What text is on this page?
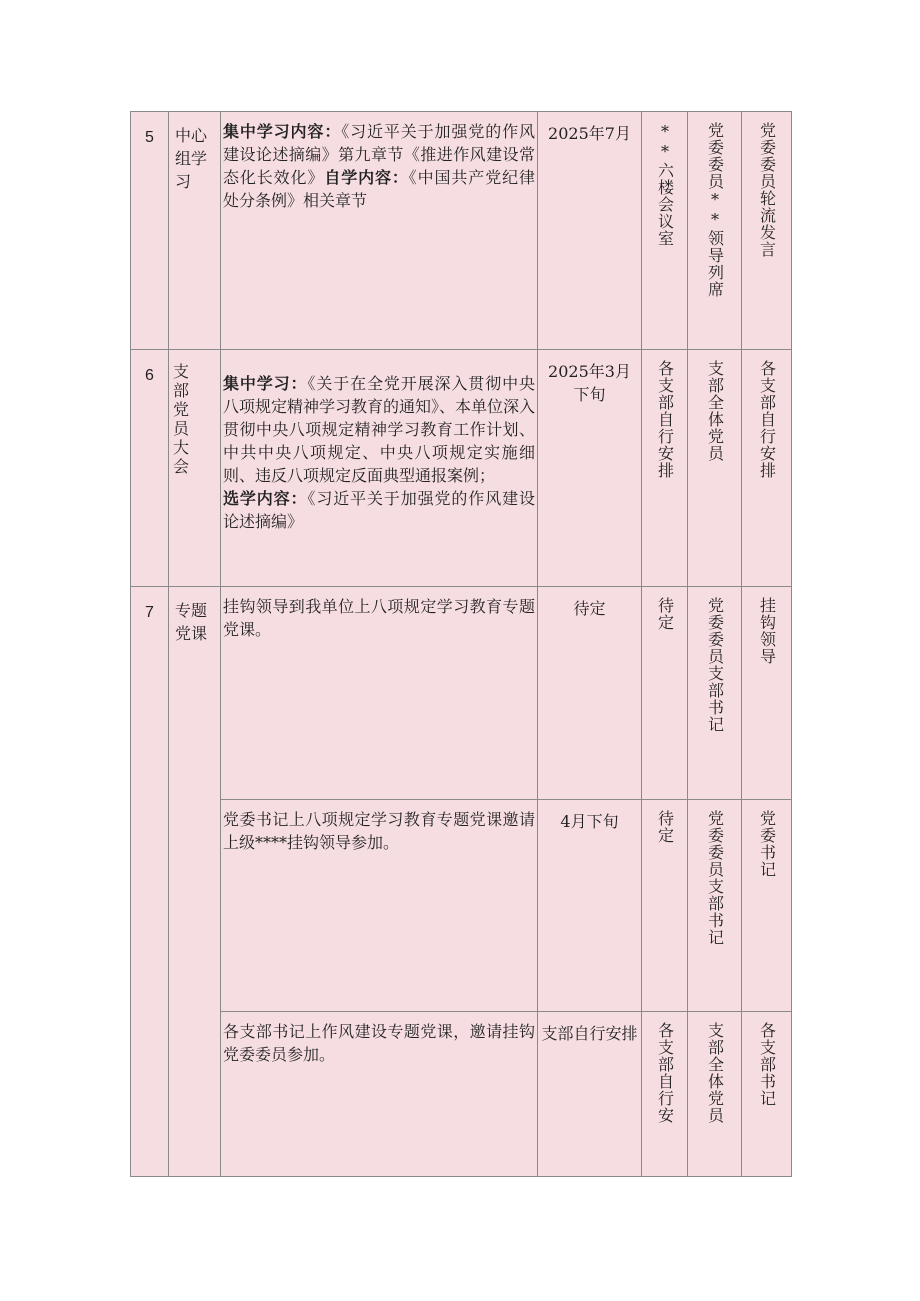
5	中心组学习	集中学习内容：《习近平关于加强党的作风建设论述摘编》第九章节《推进作风建设常态化长效化》自学内容：《中国共产党纪律处分条例》相关章节	2025年7月	**六楼会议室	党委委员**领导列席	党委委员轮流发言

6	支部党员大会	集中学习：《关于在全党开展深入贯彻中央八项规定精神学习教育的通知》、本单位深入贯彻中央八项规定精神学习教育工作计划、中共中央八项规定、中央八项规定实施细则、违反八项规定反面典型通报案例；
选学内容：《习近平关于加强党的作风建设论述摘编》	2025年3月下旬	各支部自行安排	支部全体党员	各支部自行安排

7	专题党课	挂钩领导到我单位上八项规定学习教育专题党课。	待定	待定	党委委员支部书记	挂钩领导

		党委书记上八项规定学习教育专题党课邀请上级****挂钩领导参加。	4月下旬	待定	党委委员支部书记	党委书记

		各支部书记上作风建设专题党课，邀请挂钩党委委员参加。	支部自行安排	各支部自行安	支部全体党员	各支部书记
